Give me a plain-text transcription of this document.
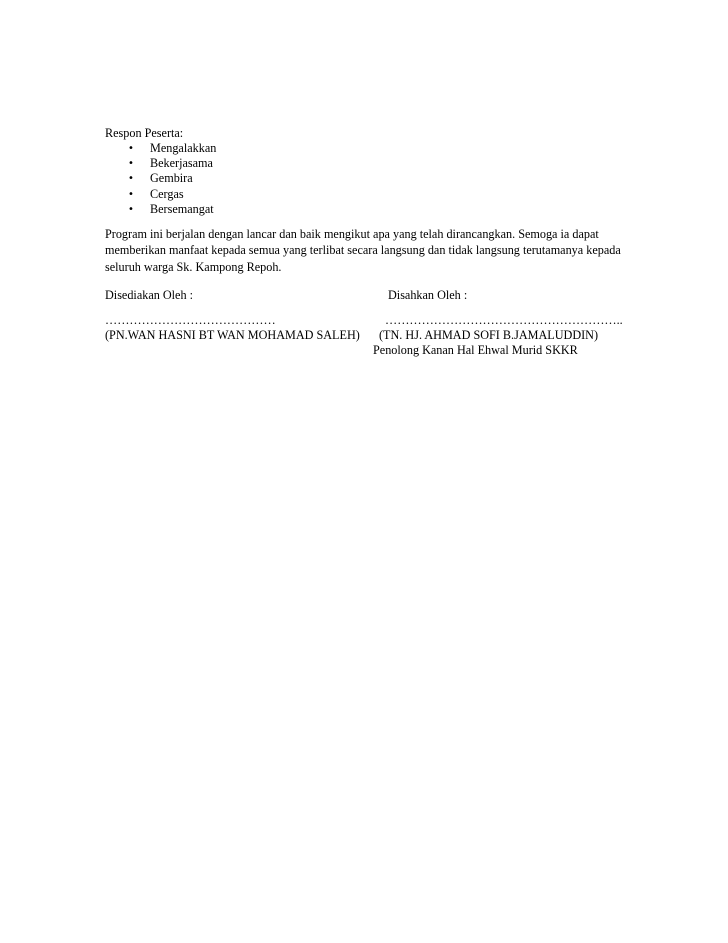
Respon Peserta:

•

	Mengalakkan

•

	Bekerjasama

•

	Gembira

•

	Cergas

•

	Bersemangat

Program ini berjalan dengan lancar dan baik mengikut apa yang telah dirancangkan. Semoga ia dapat
memberikan manfaat kepada semua yang terlibat secara langsung dan tidak langsung terutamanya kepada
seluruh warga Sk. Kampong Repoh.
Disediakan Oleh :	Disahkan Oleh :
……………………………………	…………………………………………………..
(PN.WAN HASNI BT WAN MOHAMAD SALEH) (TN. HJ. AHMAD SOFI B.JAMALUDDIN)
Penolong Kanan Hal Ehwal Murid SKKR
